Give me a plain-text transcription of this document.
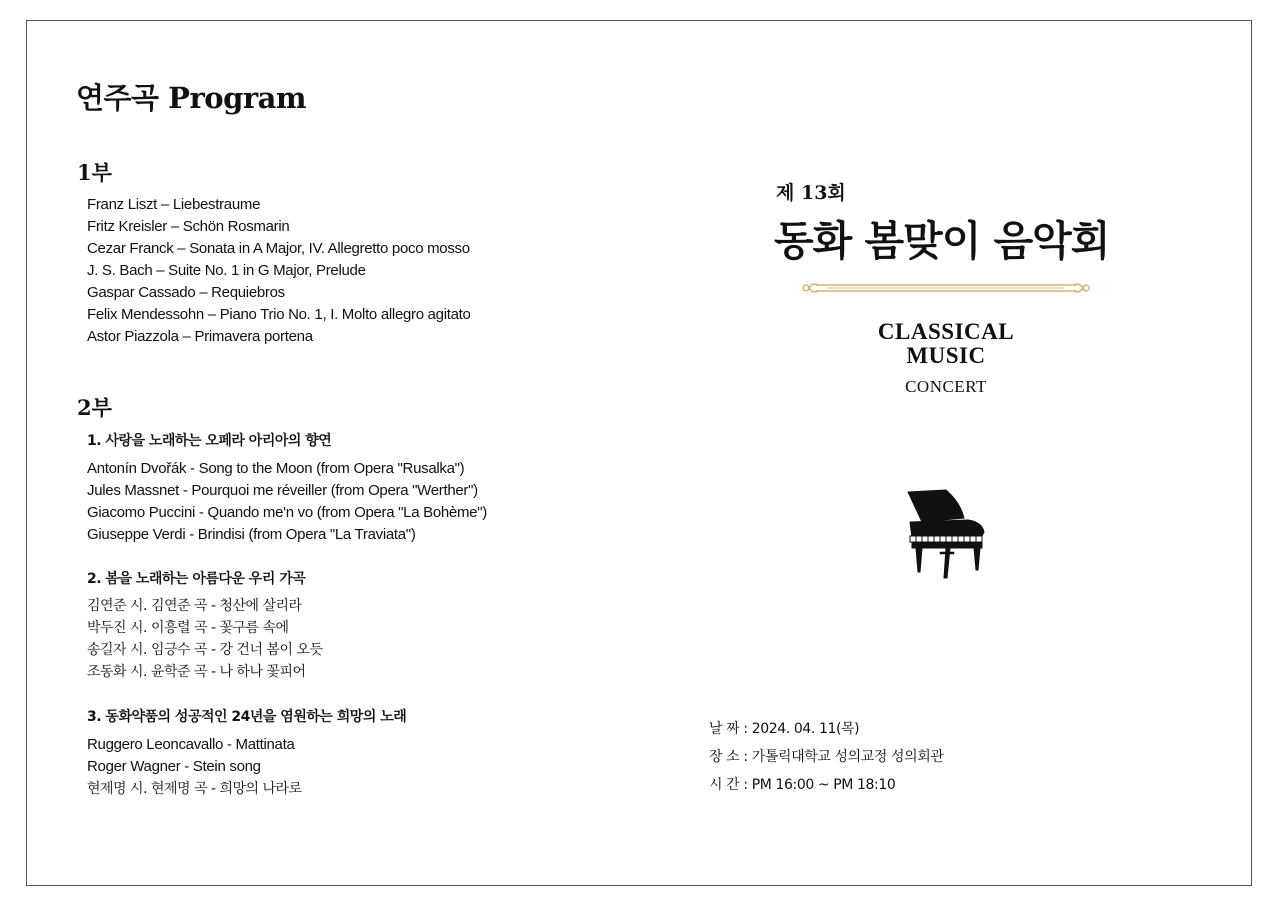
연주곡 Program
1부
Franz Liszt – Liebestraume
Fritz Kreisler – Schön Rosmarin
Cezar Franck – Sonata in A Major, IV. Allegretto poco mosso
J. S. Bach – Suite No. 1 in G Major, Prelude
Gaspar Cassado – Requiebros
Felix Mendessohn – Piano Trio No. 1, I. Molto allegro agitato
Astor Piazzola – Primavera portena
2부
1. 사랑을 노래하는 오페라 아리아의 향연
Antonín Dvořák - Song to the Moon (from Opera "Rusalka")
Jules Massnet - Pourquoi me réveiller (from Opera "Werther")
Giacomo Puccini - Quando me'n vo (from Opera "La Bohème")
Giuseppe Verdi - Brindisi (from Opera "La Traviata")
2. 봄을 노래하는 아름다운 우리 가곡
김연준 시. 김연준 곡 - 청산에 살리라
박두진 시. 이흥렬 곡 - 꽃구름 속에
송길자 시. 임긍수 곡 - 강 건너 봄이 오듯
조동화 시. 윤학준 곡 - 나 하나 꽃피어
3. 동화약품의 성공적인 24년을 염원하는 희망의 노래
Ruggero Leoncavallo - Mattinata
Roger Wagner - Stein song
현제명 시. 현제명 곡 - 희망의 나라로
제 13회
동화 봄맞이 음악회
CLASSICAL
MUSIC
CONCERT
날 짜 : 2024. 04. 11(목)
장 소 : 가톨릭대학교 성의교정 성의회관
시 간 : PM 16:00 ~ PM 18:10
